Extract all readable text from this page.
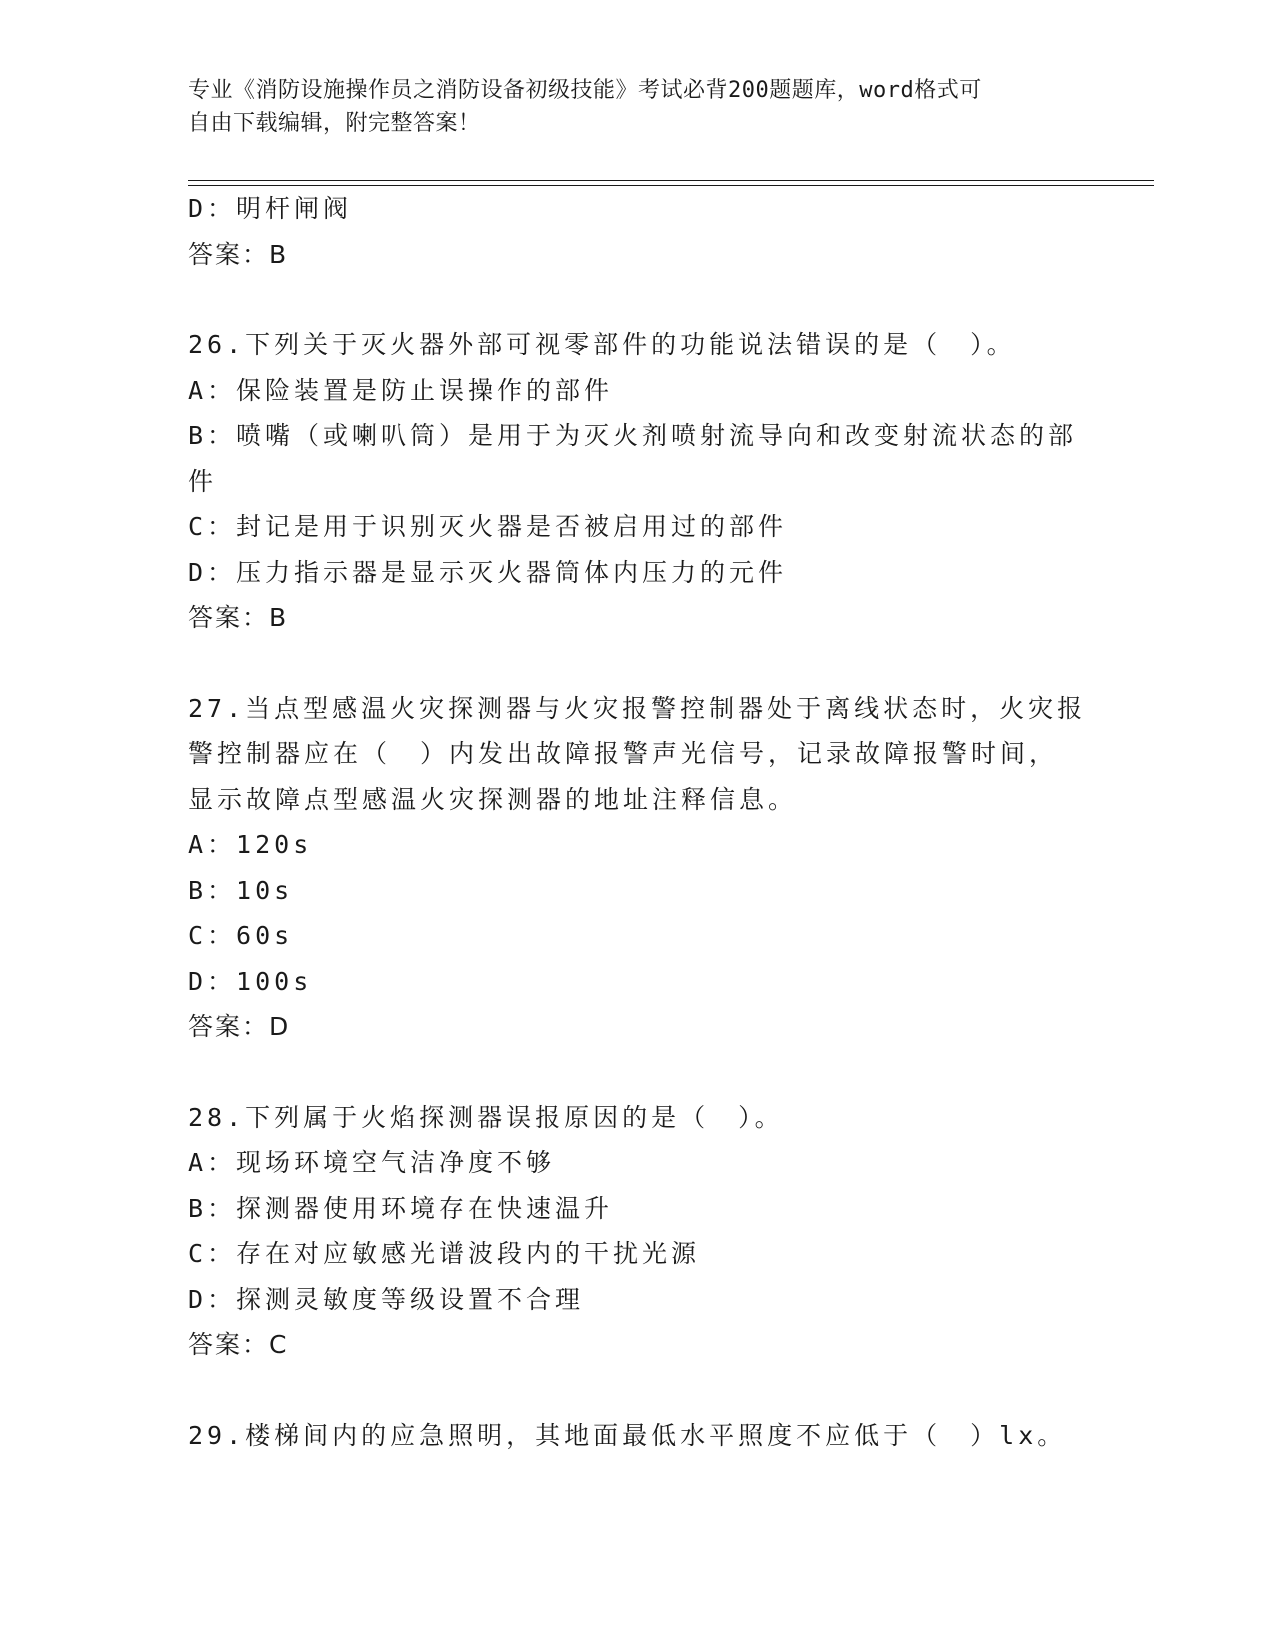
专业《消防设施操作员之消防设备初级技能》考试必背200题题库，word格式可
自由下载编辑，附完整答案！
D：明杆闸阀
答案：B
26.下列关于灭火器外部可视零部件的功能说法错误的是（　）。
A：保险装置是防止误操作的部件
B：喷嘴（或喇叭筒）是用于为灭火剂喷射流导向和改变射流状态的部
件
C：封记是用于识别灭火器是否被启用过的部件
D：压力指示器是显示灭火器筒体内压力的元件
答案：B
27.当点型感温火灾探测器与火灾报警控制器处于离线状态时，火灾报
警控制器应在（　）内发出故障报警声光信号，记录故障报警时间，
显示故障点型感温火灾探测器的地址注释信息。
A：120s
B：10s
C：60s
D：100s
答案：D
28.下列属于火焰探测器误报原因的是（　）。
A：现场环境空气洁净度不够
B：探测器使用环境存在快速温升
C：存在对应敏感光谱波段内的干扰光源
D：探测灵敏度等级设置不合理
答案：C
29.楼梯间内的应急照明，其地面最低水平照度不应低于（　）lx。
